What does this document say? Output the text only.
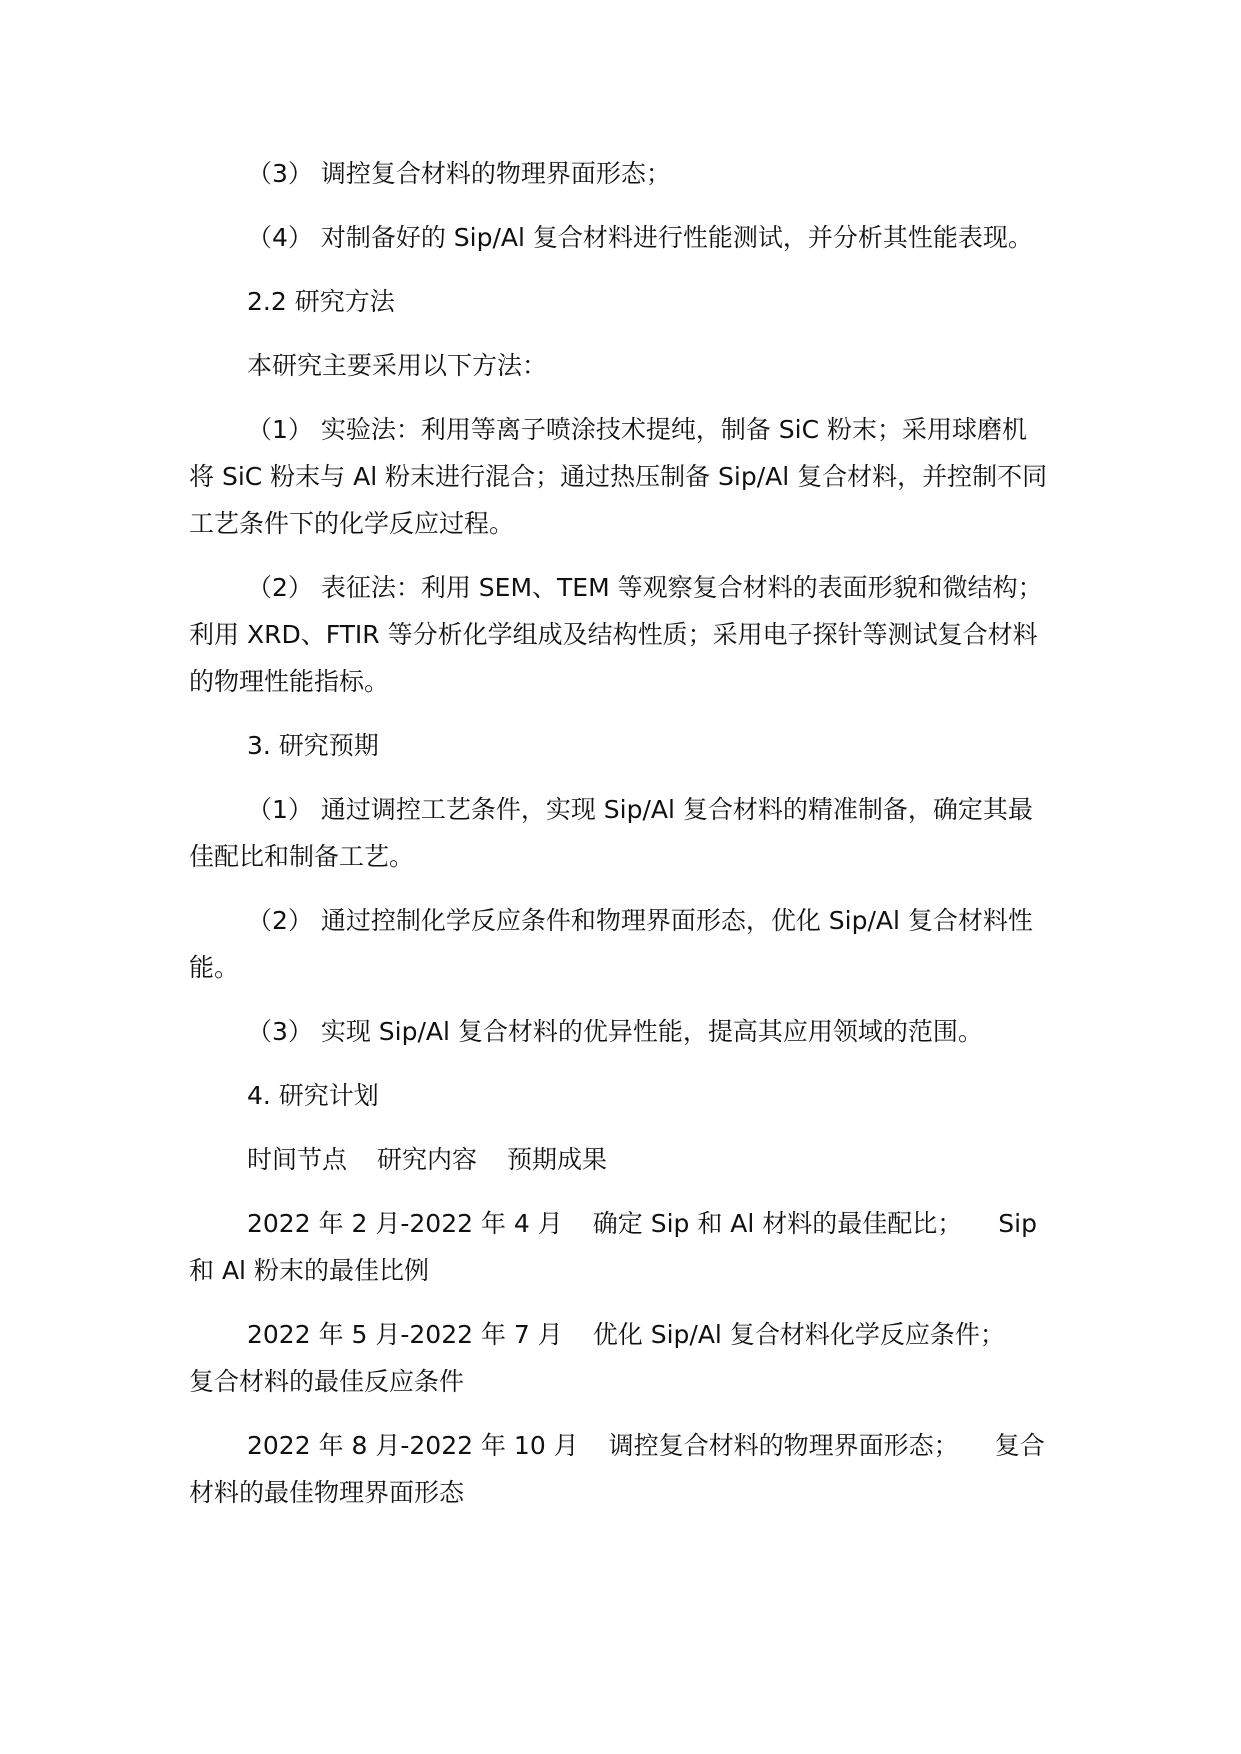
（3） 调控复合材料的物理界面形态；

（4） 对制备好的 Sip/Al 复合材料进行性能测试，并分析其性能表现。

2.2 研究方法

本研究主要采用以下方法：

（1） 实验法：利用等离子喷涂技术提纯，制备 SiC 粉末；采用球磨机将 SiC 粉末与 Al 粉末进行混合；通过热压制备 Sip/Al 复合材料，并控制不同工艺条件下的化学反应过程。

（2） 表征法：利用 SEM、TEM 等观察复合材料的表面形貌和微结构；利用 XRD、FTIR 等分析化学组成及结构性质；采用电子探针等测试复合材料的物理性能指标。

3. 研究预期

（1） 通过调控工艺条件，实现 Sip/Al 复合材料的精准制备，确定其最佳配比和制备工艺。

（2） 通过控制化学反应条件和物理界面形态，优化 Sip/Al 复合材料性能。

（3） 实现 Sip/Al 复合材料的优异性能，提高其应用领域的范围。

4. 研究计划

时间节点 研究内容 预期成果

2022 年 2 月-2022 年 4 月 确定 Sip 和 Al 材料的最佳配比； Sip 和 Al 粉末的最佳比例

2022 年 5 月-2022 年 7 月 优化 Sip/Al 复合材料化学反应条件；复合材料的最佳反应条件

2022 年 8 月-2022 年 10 月 调控复合材料的物理界面形态； 复合材料的最佳物理界面形态
